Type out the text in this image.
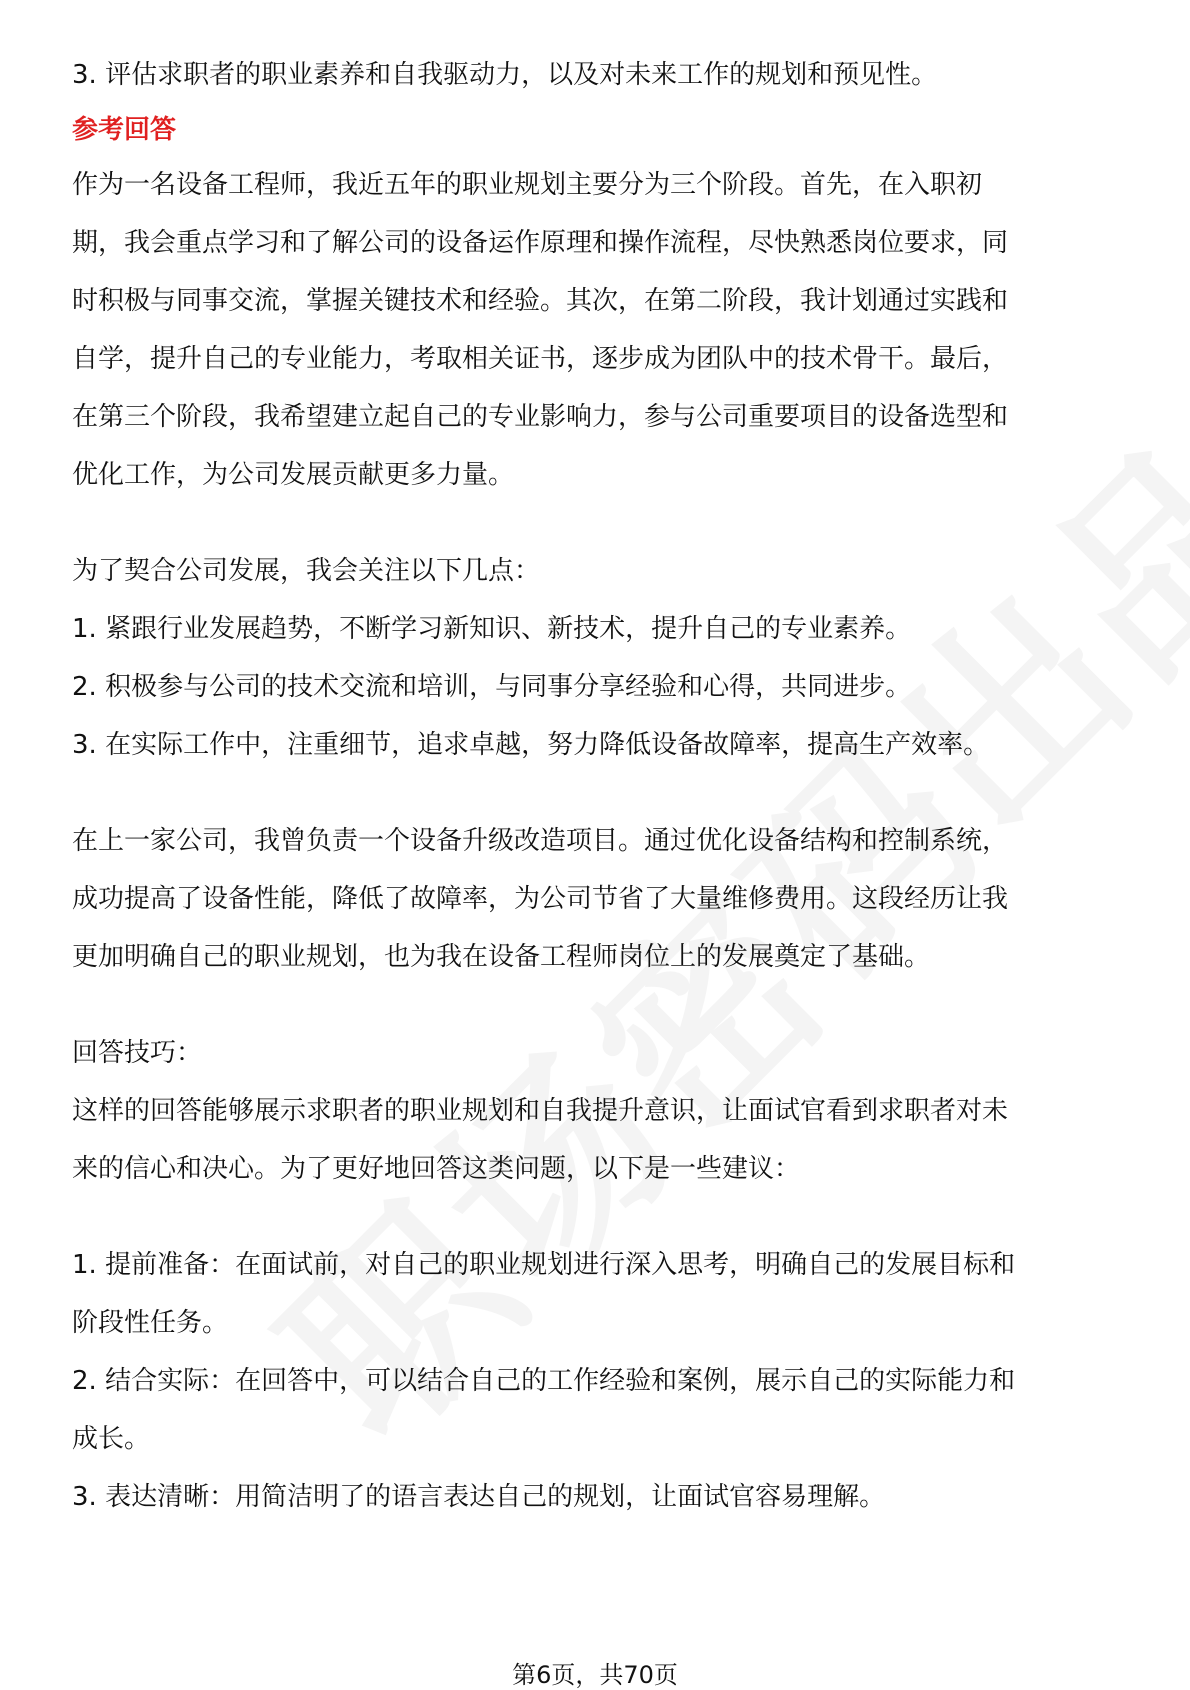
3. 评估求职者的职业素养和自我驱动力，以及对未来工作的规划和预见性。

参考回答

作为一名设备工程师，我近五年的职业规划主要分为三个阶段。首先，在入职初

期，我会重点学习和了解公司的设备运作原理和操作流程，尽快熟悉岗位要求，同

时积极与同事交流，掌握关键技术和经验。其次，在第二阶段，我计划通过实践和

自学，提升自己的专业能力，考取相关证书，逐步成为团队中的技术骨干。最后，

在第三个阶段，我希望建立起自己的专业影响力，参与公司重要项目的设备选型和

优化工作，为公司发展贡献更多力量。

为了契合公司发展，我会关注以下几点：

1. 紧跟行业发展趋势，不断学习新知识、新技术，提升自己的专业素养。

2. 积极参与公司的技术交流和培训，与同事分享经验和心得，共同进步。

3. 在实际工作中，注重细节，追求卓越，努力降低设备故障率，提高生产效率。

在上一家公司，我曾负责一个设备升级改造项目。通过优化设备结构和控制系统，

成功提高了设备性能，降低了故障率，为公司节省了大量维修费用。这段经历让我

更加明确自己的职业规划，也为我在设备工程师岗位上的发展奠定了基础。

回答技巧：

这样的回答能够展示求职者的职业规划和自我提升意识，让面试官看到求职者对未

来的信心和决心。为了更好地回答这类问题，以下是一些建议：

1. 提前准备：在面试前，对自己的职业规划进行深入思考，明确自己的发展目标和

阶段性任务。

2. 结合实际：在回答中，可以结合自己的工作经验和案例，展示自己的实际能力和

成长。

3. 表达清晰：用简洁明了的语言表达自己的规划，让面试官容易理解。

第6页，共70页
